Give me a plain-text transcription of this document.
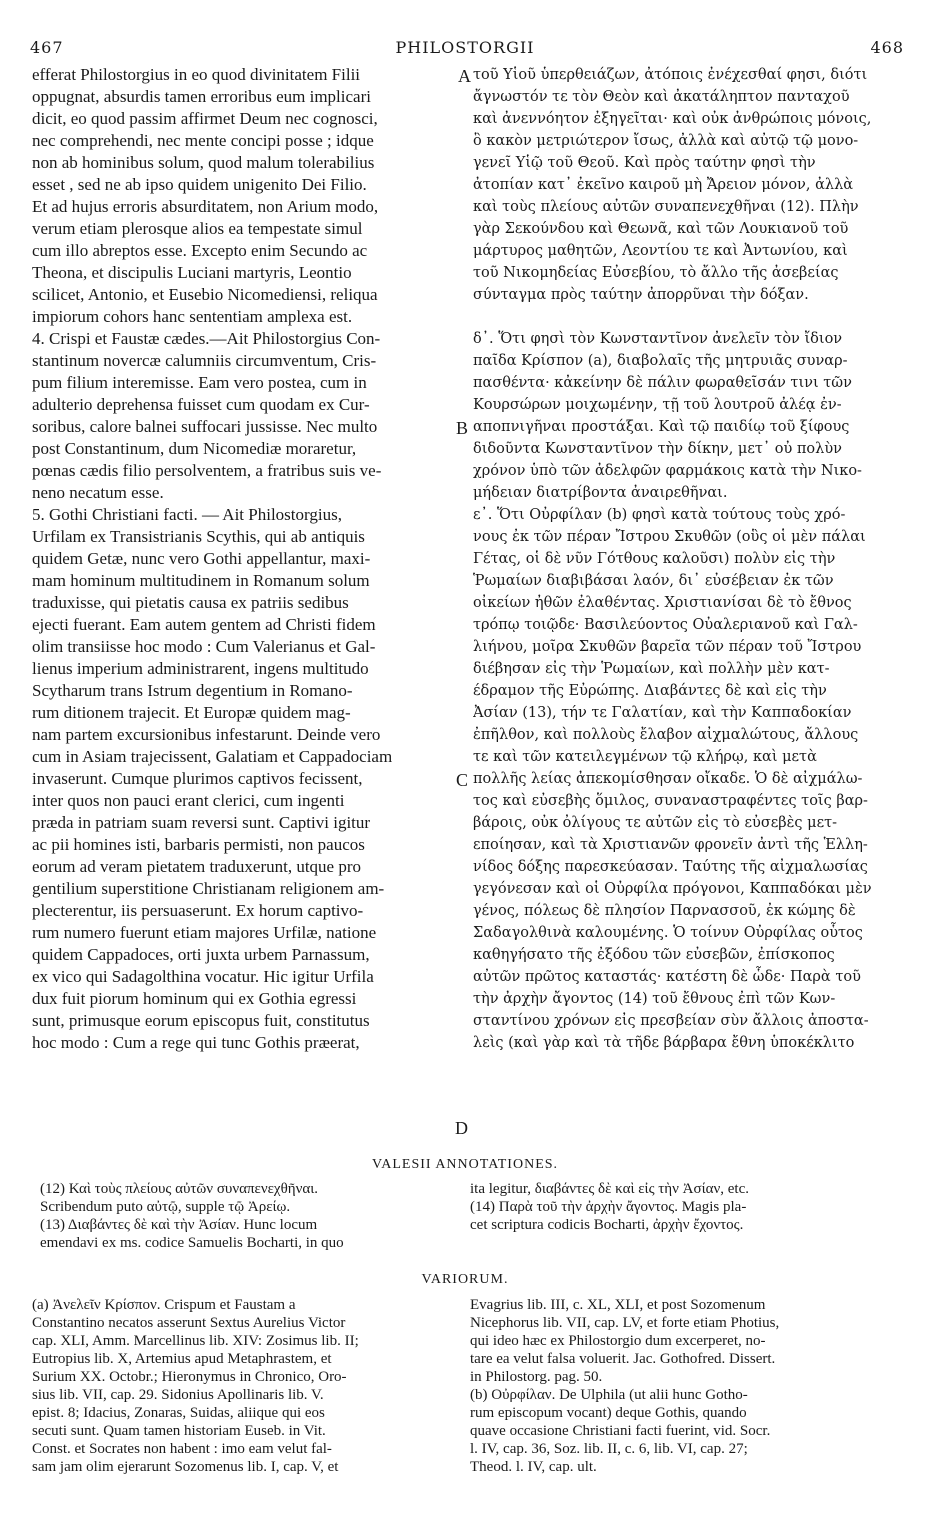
467	PHILOSTORGII	468
efferat Philostorgius in eo quod divinitatem Filii
oppugnat, absurdis tamen erroribus eum implicari
dicit, eo quod passim affirmet Deum nec cognosci,
nec comprehendi, nec mente concipi posse ; idque
non ab hominibus solum, quod malum tolerabilius
esset , sed ne ab ipso quidem unigenito Dei Filio.
Et ad hujus erroris absurditatem, non Arium modo,
verum etiam plerosque alios ea tempestate simul
cum illo abreptos esse. Excepto enim Secundo ac
Theona, et discipulis Luciani martyris, Leontio
scilicet, Antonio, et Eusebio Nicomediensi, reliqua
impiorum cohors hanc sententiam amplexa est.
4. Crispi et Faustæ cædes.—Ait Philostorgius Con-
stantinum novercæ calumniis circumventum, Cris-
pum filium interemisse. Eam vero postea, cum in
adulterio deprehensa fuisset cum quodam ex Cur-
soribus, calore balnei suffocari jussisse. Nec multo
post Constantinum, dum Nicomediæ moraretur,
pœnas cædis filio persolventem, a fratribus suis ve-
neno necatum esse.
5. Gothi Christiani facti. — Ait Philostorgius,
Urfilam ex Transistrianis Scythis, qui ab antiquis
quidem Getæ, nunc vero Gothi appellantur, maxi-
mam hominum multitudinem in Romanum solum
traduxisse, qui pietatis causa ex patriis sedibus
ejecti fuerant. Eam autem gentem ad Christi fidem
olim transiisse hoc modo : Cum Valerianus et Gal-
lienus imperium administrarent, ingens multitudo
Scytharum trans Istrum degentium in Romano-
rum ditionem trajecit. Et Europæ quidem mag-
nam partem excursionibus infestarunt. Deinde vero
cum in Asiam trajecissent, Galatiam et Cappadociam
invaserunt. Cumque plurimos captivos fecissent,
inter quos non pauci erant clerici, cum ingenti
præda in patriam suam reversi sunt. Captivi igitur
ac pii homines isti, barbaris permisti, non paucos
eorum ad veram pietatem traduxerunt, utque pro
gentilium superstitione Christianam religionem am-
plecterentur, iis persuaserunt. Ex horum captivo-
rum numero fuerunt etiam majores Urfilæ, natione
quidem Cappadoces, orti juxta urbem Parnassum,
ex vico qui Sadagolthina vocatur. Hic igitur Urfila
dux fuit piorum hominum qui ex Gothia egressi
sunt, primusque eorum episcopus fuit, constitutus
hoc modo : Cum a rege qui tunc Gothis præerat,
τοῦ Υἱοῦ ὑπερθειάζων, ἀτόποις ἐνέχεσθαί φησι, διότι
ἄγνωστόν τε τὸν Θεὸν καὶ ἀκατάληπτον πανταχοῦ
καὶ ἀνεννόητον ἐξηγεῖται· καὶ οὐκ ἀνθρώποις μόνοις,
ὃ κακὸν μετριώτερον ἴσως, ἀλλὰ καὶ αὐτῷ τῷ μονο-
γενεῖ Υἱῷ τοῦ Θεοῦ. Καὶ πρὸς ταύτην φησὶ τὴν
ἀτοπίαν κατ᾽ ἐκεῖνο καιροῦ μὴ Ἄρειον μόνον, ἀλλὰ
καὶ τοὺς πλείους αὐτῶν συναπενεχθῆναι (12). Πλὴν
γὰρ Σεκούνδου καὶ Θεωνᾶ, καὶ τῶν Λουκιανοῦ τοῦ
μάρτυρος μαθητῶν, Λεοντίου τε καὶ Ἀντωνίου, καὶ
τοῦ Νικομηδείας Εὐσεβίου, τὸ ἄλλο τῆς ἀσεβείας
σύνταγμα πρὸς ταύτην ἀπορρῦναι τὴν δόξαν.
δ᾽. Ὅτι φησὶ τὸν Κωνσταντῖνον ἀνελεῖν τὸν ἴδιον
παῖδα Κρίσπον (a), διαβολαῖς τῆς μητρυιᾶς συναρ-
πασθέντα· κἀκείνην δὲ πάλιν φωραθεῖσάν τινι τῶν
Κουρσώρων μοιχωμένην, τῇ τοῦ λουτροῦ ἀλέᾳ ἐν-
αποπνιγῆναι προστάξαι. Καὶ τῷ παιδίῳ τοῦ ξίφους
διδοῦντα Κωνσταντῖνον τὴν δίκην, μετ᾽ οὐ πολὺν
χρόνον ὑπὸ τῶν ἀδελφῶν φαρμάκοις κατὰ τὴν Νικο-
μήδειαν διατρίβοντα ἀναιρεθῆναι.
ε᾽. Ὅτι Οὐρφίλαν (b) φησὶ κατὰ τούτους τοὺς χρό-
νους ἐκ τῶν πέραν Ἴστρου Σκυθῶν (οὓς οἱ μὲν πάλαι
Γέτας, οἱ δὲ νῦν Γότθους καλοῦσι) πολὺν εἰς τὴν
Ῥωμαίων διαβιβάσαι λαόν, δι᾽ εὐσέβειαν ἐκ τῶν
οἰκείων ἠθῶν ἐλαθέντας. Χριστιανίσαι δὲ τὸ ἔθνος
τρόπῳ τοιῷδε· Βασιλεύοντος Οὐαλεριανοῦ καὶ Γαλ-
λιήνου, μοῖρα Σκυθῶν βαρεῖα τῶν πέραν τοῦ Ἴστρου
διέβησαν εἰς τὴν Ῥωμαίων, καὶ πολλὴν μὲν κατ-
έδραμον τῆς Εὐρώπης. Διαβάντες δὲ καὶ εἰς τὴν
Ἀσίαν (13), τήν τε Γαλατίαν, καὶ τὴν Καππαδοκίαν
ἐπῆλθον, καὶ πολλοὺς ἔλαβον αἰχμαλώτους, ἄλλους
τε καὶ τῶν κατειλεγμένων τῷ κλήρῳ, καὶ μετὰ
πολλῆς λείας ἀπεκομίσθησαν οἴκαδε. Ὁ δὲ αἰχμάλω-
τος καὶ εὐσεβὴς ὅμιλος, συναναστραφέντες τοῖς βαρ-
βάροις, οὐκ ὀλίγους τε αὐτῶν εἰς τὸ εὐσεβὲς μετ-
εποίησαν, καὶ τὰ Χριστιανῶν φρονεῖν ἀντὶ τῆς Ἑλλη-
νίδος δόξης παρεσκεύασαν. Ταύτης τῆς αἰχμαλωσίας
γεγόνεσαν καὶ οἱ Οὐρφίλα πρόγονοι, Καππαδόκαι μὲν
γένος, πόλεως δὲ πλησίον Παρνασσοῦ, ἐκ κώμης δὲ
Σαδαγολθινὰ καλουμένης. Ὁ τοίνυν Οὐρφίλας οὗτος
καθηγήσατο τῆς ἐξόδου τῶν εὐσεβῶν, ἐπίσκοπος
αὐτῶν πρῶτος καταστάς· κατέστη δὲ ὧδε· Παρὰ τοῦ
τὴν ἀρχὴν ἄγοντος (14) τοῦ ἔθνους ἐπὶ τῶν Κων-
σταντίνου χρόνων εἰς πρεσβείαν σὺν ἄλλοις ἀποστα-
λεὶς (καὶ γὰρ καὶ τὰ τῆδε βάρβαρα ἔθνη ὑποκέκλιτο
A
B
C
D
VALESII ANNOTATIONES.
(12) Καὶ τοὺς πλείους αὐτῶν συναπενεχθῆναι.
Scribendum puto αὐτῷ, supple τῷ Ἀρείῳ.
(13) Διαβάντες δὲ καὶ τὴν Ἀσίαν. Hunc locum
emendavi ex ms. codice Samuelis Bocharti, in quo
ita legitur, διαβάντες δὲ καὶ εἰς τὴν Ἀσίαν, etc.
(14) Παρὰ τοῦ τὴν ἀρχὴν ἄγοντος. Magis pla-
cet scriptura codicis Bocharti, ἀρχὴν ἔχοντος.
VARIORUM.
(a) Ἀνελεῖν Κρίσπον. Crispum et Faustam a
Constantino necatos asserunt Sextus Aurelius Victor
cap. XLI, Amm. Marcellinus lib. XIV: Zosimus lib. II;
Eutropius lib. X, Artemius apud Metaphrastem, et
Surium XX. Octobr.; Hieronymus in Chronico, Oro-
sius lib. VII, cap. 29. Sidonius Apollinaris lib. V.
epist. 8; Idacius, Zonaras, Suidas, aliique qui eos
secuti sunt. Quam tamen historiam Euseb. in Vit.
Const. et Socrates non habent : imo eam velut fal-
sam jam olim ejerarunt Sozomenus lib. I, cap. V, et
Evagrius lib. III, c. XL, XLI, et post Sozomenum
Nicephorus lib. VII, cap. LV, et forte etiam Photius,
qui ideo hæc ex Philostorgio dum excerperet, no-
tare ea velut falsa voluerit. Jac. Gothofred. Dissert.
in Philostorg. pag. 50.
(b) Οὐρφίλαν. De Ulphila (ut alii hunc Gotho-
rum episcopum vocant) deque Gothis, quando
quave occasione Christiani facti fuerint, vid. Socr.
l. IV, cap. 36, Soz. lib. II, c. 6, lib. VI, cap. 27;
Theod. l. IV, cap. ult.
